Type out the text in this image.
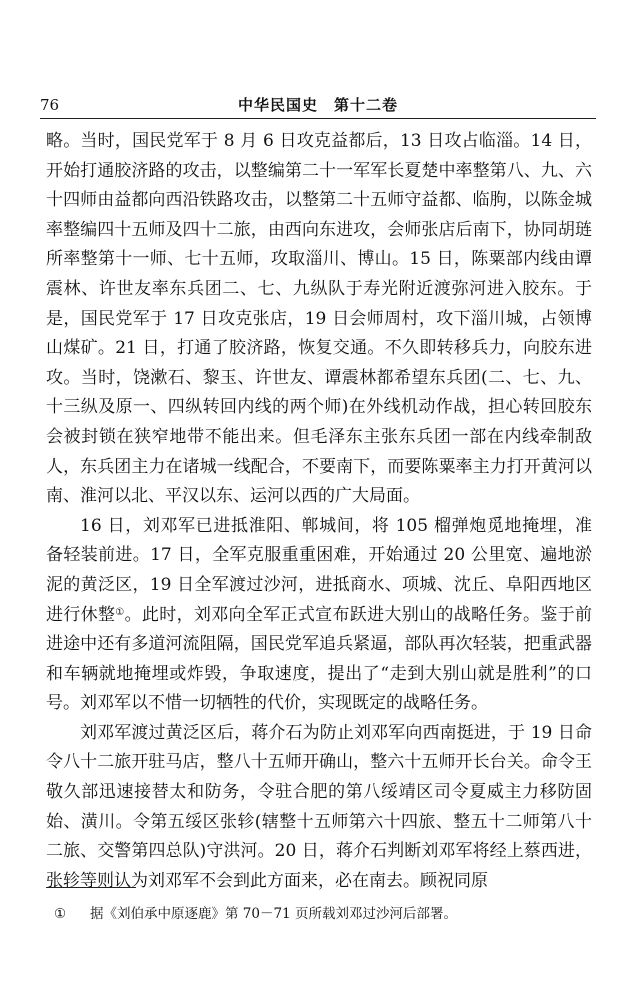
76	中华民国史　第十二卷

略。当时，国民党军于 8 月 6 日攻克益都后，13 日攻占临淄。14 日，开始打通胶济路的攻击，以整编第二十一军军长夏楚中率整第八、九、六十四师由益都向西沿铁路攻击，以整第二十五师守益都、临朐，以陈金城率整编四十五师及四十二旅，由西向东进攻，会师张店后南下，协同胡琏所率整第十一师、七十五师，攻取淄川、博山。15 日，陈粟部内线由谭震林、许世友率东兵团二、七、九纵队于寿光附近渡弥河进入胶东。于是，国民党军于 17 日攻克张店，19 日会师周村，攻下淄川城，占领博山煤矿。21 日，打通了胶济路，恢复交通。不久即转移兵力，向胶东进攻。当时，饶漱石、黎玉、许世友、谭震林都希望东兵团(二、七、九、十三纵及原一、四纵转回内线的两个师)在外线机动作战，担心转回胶东会被封锁在狭窄地带不能出来。但毛泽东主张东兵团一部在内线牵制敌人，东兵团主力在诸城一线配合，不要南下，而要陈粟率主力打开黄河以南、淮河以北、平汉以东、运河以西的广大局面。

16 日，刘邓军已进抵淮阳、郸城间，将 105 榴弹炮觅地掩埋，准备轻装前进。17 日，全军克服重重困难，开始通过 20 公里宽、遍地淤泥的黄泛区，19 日全军渡过沙河，进抵商水、项城、沈丘、阜阳西地区进行休整①。此时，刘邓向全军正式宣布跃进大别山的战略任务。鉴于前进途中还有多道河流阻隔，国民党军追兵紧逼，部队再次轻装，把重武器和车辆就地掩埋或炸毁，争取速度，提出了“走到大别山就是胜利”的口号。刘邓军以不惜一切牺牲的代价，实现既定的战略任务。

刘邓军渡过黄泛区后，蒋介石为防止刘邓军向西南挺进，于 19 日命令八十二旅开驻马店，整八十五师开确山，整六十五师开长台关。命令王敬久部迅速接替太和防务，令驻合肥的第八绥靖区司令夏威主力移防固始、潢川。令第五绥区张轸(辖整十五师第六十四旅、整五十二师第八十二旅、交警第四总队)守洪河。20 日，蒋介石判断刘邓军将经上蔡西进，张轸等则认为刘邓军不会到此方面来，必在南去。顾祝同原

① 据《刘伯承中原逐鹿》第 70－71 页所载刘邓过沙河后部署。
